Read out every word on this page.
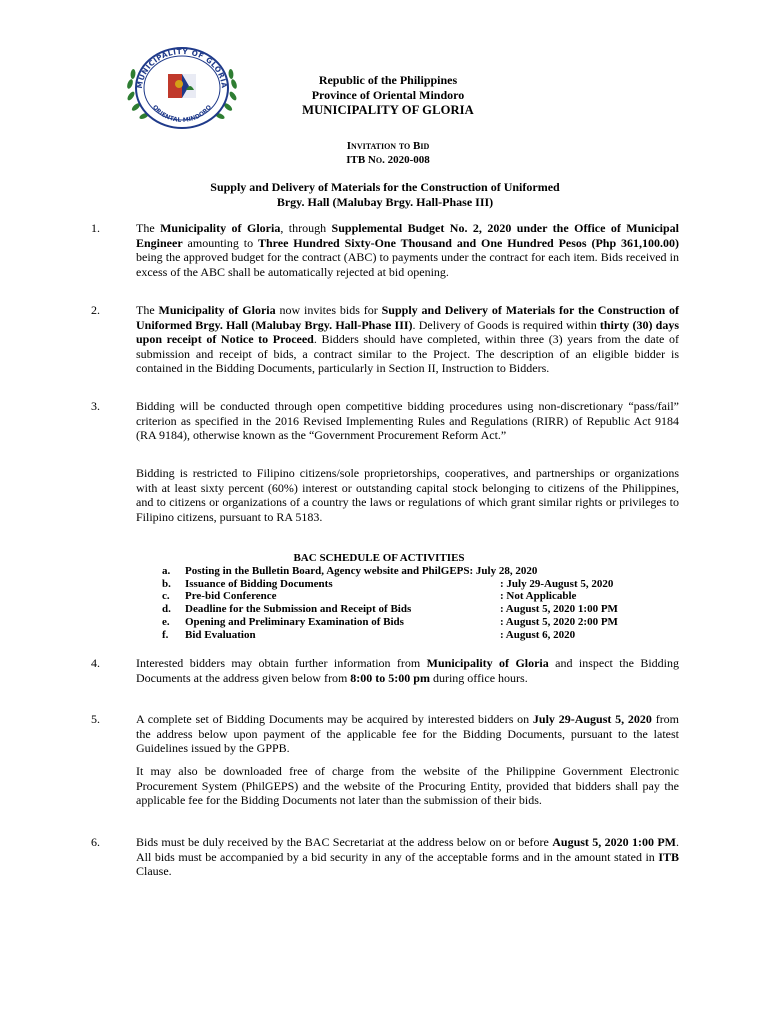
MUNICIPALITY OF GLORIA
ORIENTAL MINDORO
Republic of the Philippines
Province of Oriental Mindoro
MUNICIPALITY OF GLORIA
Invitation to Bid
ITB No. 2020-008
Supply and Delivery of Materials for the Construction of Uniformed
Brgy. Hall (Malubay Brgy. Hall-Phase III)
1.	The Municipality of Gloria, through Supplemental Budget No. 2, 2020 under the Office of Municipal Engineer amounting to Three Hundred Sixty-One Thousand and One Hundred Pesos (Php 361,100.00) being the approved budget for the contract (ABC) to payments under the contract for each item. Bids received in excess of the ABC shall be automatically rejected at bid opening.
2.	The Municipality of Gloria now invites bids for Supply and Delivery of Materials for the Construction of Uniformed Brgy. Hall (Malubay Brgy. Hall-Phase III). Delivery of Goods is required within thirty (30) days upon receipt of Notice to Proceed. Bidders should have completed, within three (3) years from the date of submission and receipt of bids, a contract similar to the Project. The description of an eligible bidder is contained in the Bidding Documents, particularly in Section II, Instruction to Bidders.
3.	Bidding will be conducted through open competitive bidding procedures using non-discretionary “pass/fail” criterion as specified in the 2016 Revised Implementing Rules and Regulations (RIRR) of Republic Act 9184 (RA 9184), otherwise known as the “Government Procurement Reform Act.”
Bidding is restricted to Filipino citizens/sole proprietorships, cooperatives, and partnerships or organizations with at least sixty percent (60%) interest or outstanding capital stock belonging to citizens of the Philippines, and to citizens or organizations of a country the laws or regulations of which grant similar rights or privileges to Filipino citizens, pursuant to RA 5183.
BAC SCHEDULE OF ACTIVITIES
a.	Posting in the Bulletin Board, Agency website and PhilGEPS: July 28, 2020
b.	Issuance of Bidding Documents	: July 29-August 5, 2020
c.	Pre-bid Conference	: Not Applicable
d.	Deadline for the Submission and Receipt of Bids	: August 5, 2020 1:00 PM
e.	Opening and Preliminary Examination of Bids	: August 5, 2020 2:00 PM
f.	Bid Evaluation	: August 6, 2020
4.	Interested bidders may obtain further information from Municipality of Gloria and inspect the Bidding Documents at the address given below from 8:00 to 5:00 pm during office hours.
5.	A complete set of Bidding Documents may be acquired by interested bidders on July 29-August 5, 2020 from the address below upon payment of the applicable fee for the Bidding Documents, pursuant to the latest Guidelines issued by the GPPB.
It may also be downloaded free of charge from the website of the Philippine Government Electronic Procurement System (PhilGEPS) and the website of the Procuring Entity, provided that bidders shall pay the applicable fee for the Bidding Documents not later than the submission of their bids.
6.	Bids must be duly received by the BAC Secretariat at the address below on or before August 5, 2020 1:00 PM. All bids must be accompanied by a bid security in any of the acceptable forms and in the amount stated in ITB Clause.
